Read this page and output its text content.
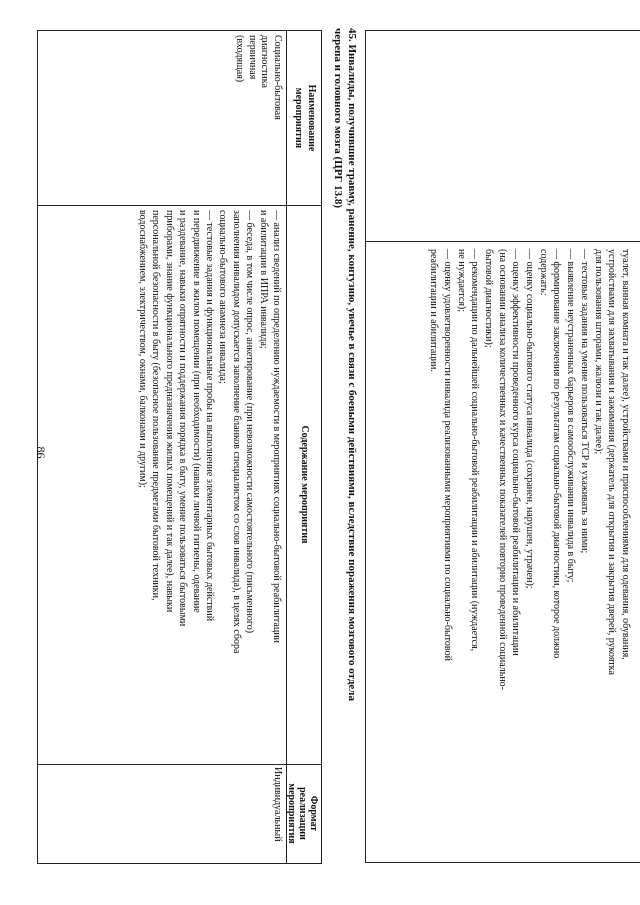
86	туалет, ванная комната и так далее), устройствами и приспособлениями для одевания, обувания,

устройствами для захватывания и зажимания (держатель для открытия и закрытия дверей, рукоятка

для пользования шторами, жалюзи и так далее);

— тестовые задания на умение пользоваться ТСР и ухаживать за ними;

— выявление неустраненных барьеров в самообслуживании инвалида в быту;

— формирование заключения по результатам социально-бытовой диагностики, которое должно

содержать:

— оценку социально-бытового статуса инвалида (сохранен, нарушен, утрачен);

— оценку эффективности проведенного курса социально-бытовой реабилитации и абилитации

(на основании анализа количественных и качественных показателей повторно проведенной социально-

бытовой диагностики);

— рекомендации по дальнейшей социально-бытовой реабилитации и абилитации (нуждается,

не нуждается);

— оценку удовлетворенности инвалида реализованными мероприятиями по социально-бытовой

реабилитации и абилитации.

45. Инвалиды, получившие травму, ранение, контузию, увечье в связи с боевыми действиями, вследствие поражения мозгового отдела
черепа и головного мозга (ЦРГ 13.8)

Наименование

мероприятия

Содержание мероприятия

Формат

реализации

мероприятия

Социально-бытовая

диагностика

первичная

(входящая)

— анализ сведений по определению нуждаемости в мероприятиях социально-бытовой реабилитации

и абилитации в ИПРА инвалида;

— беседа, в том числе опрос, анкетирование (при невозможности самостоятельного (письменного)

заполнения инвалидом допускается заполнение бланков специалистом со слов инвалида), в целях сбора

социально-бытового анамнеза инвалида;

— тестовые задания и функциональные пробы на выполнение элементарных бытовых действий

и передвижение в жилом помещении (при необходимости) (навыки личной гигиены, одевание

и раздевание, навыки опрятности и поддержания порядка в быту, умение пользоваться бытовыми

приборами, знание функционального предназначения жилых помещений и так далее), навыки

персональной безопасности в быту (безопасное пользование предметами бытовой техники,

водоснабжением, электричеством, окнами, балконами и другим);

Индивидуальный
